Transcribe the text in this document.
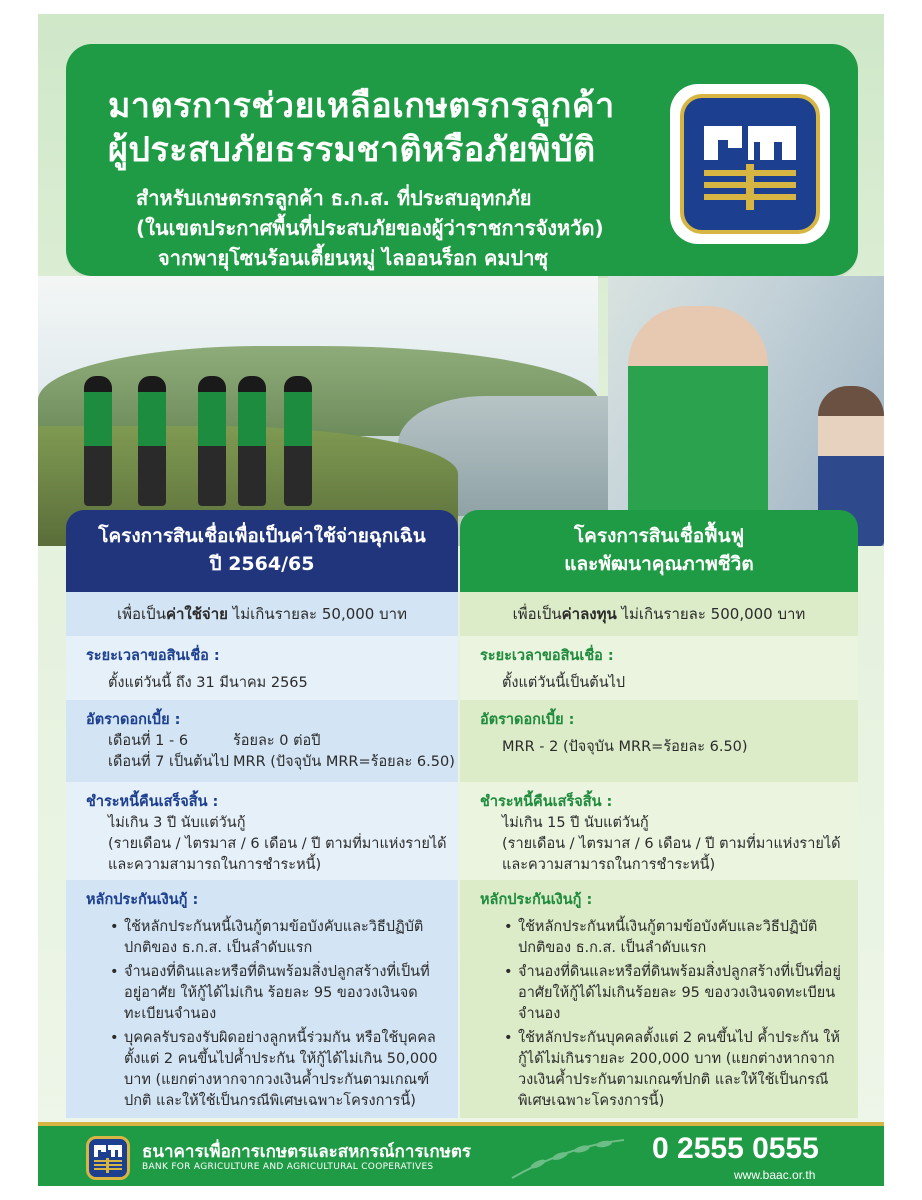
มาตรการช่วยเหลือเกษตรกรลูกค้า
ผู้ประสบภัยธรรมชาติหรือภัยพิบัติ
สำหรับเกษตรกรลูกค้า ธ.ก.ส. ที่ประสบอุทกภัย
(ในเขตประกาศพื้นที่ประสบภัยของผู้ว่าราชการจังหวัด)
จากพายุโซนร้อนเตี้ยนหมู่ ไลออนร็อก คมปาซุ
โครงการสินเชื่อเพื่อเป็นค่าใช้จ่ายฉุกเฉิน
ปี 2564/65
โครงการสินเชื่อฟื้นฟู
และพัฒนาคุณภาพชีวิต
เพื่อเป็นค่าใช้จ่าย ไม่เกินรายละ 50,000 บาท	เพื่อเป็นค่าลงทุน ไม่เกินรายละ 500,000 บาท
ระยะเวลาขอสินเชื่อ :
ตั้งแต่วันนี้ ถึง 31 มีนาคม 2565
ระยะเวลาขอสินเชื่อ :
ตั้งแต่วันนี้เป็นต้นไป
อัตราดอกเบี้ย :
เดือนที่ 1 - 6	ร้อยละ 0 ต่อปี
เดือนที่ 7 เป็นต้นไป MRR (ปัจจุบัน MRR=ร้อยละ 6.50)
อัตราดอกเบี้ย :
MRR - 2 (ปัจจุบัน MRR=ร้อยละ 6.50)
ชำระหนี้คืนเสร็จสิ้น :
ไม่เกิน 3 ปี นับแต่วันกู้
(รายเดือน / ไตรมาส / 6 เดือน / ปี ตามที่มาแห่งรายได้
และความสามารถในการชำระหนี้)
ชำระหนี้คืนเสร็จสิ้น :
ไม่เกิน 15 ปี นับแต่วันกู้
(รายเดือน / ไตรมาส / 6 เดือน / ปี ตามที่มาแห่งรายได้
และความสามารถในการชำระหนี้)
หลักประกันเงินกู้ :
• ใช้หลักประกันหนี้เงินกู้ตามข้อบังคับและวิธีปฏิบัติ ปกติของ ธ.ก.ส. เป็นลำดับแรก
• จำนองที่ดินและหรือที่ดินพร้อมสิ่งปลูกสร้างที่เป็นที่อยู่อาศัย ให้กู้ได้ไม่เกิน ร้อยละ 95 ของวงเงินจดทะเบียนจำนอง
• บุคคลรับรองรับผิดอย่างลูกหนี้ร่วมกัน หรือใช้บุคคลตั้งแต่ 2 คนขึ้นไปค้ำประกัน ให้กู้ได้ไม่เกิน 50,000 บาท (แยกต่างหากจากวงเงินค้ำประกันตามเกณฑ์ปกติ และให้ใช้เป็นกรณีพิเศษเฉพาะโครงการนี้)
หลักประกันเงินกู้ :
• ใช้หลักประกันหนี้เงินกู้ตามข้อบังคับและวิธีปฏิบัติ ปกติของ ธ.ก.ส. เป็นลำดับแรก
• จำนองที่ดินและหรือที่ดินพร้อมสิ่งปลูกสร้างที่เป็นที่อยู่อาศัยให้กู้ได้ไม่เกินร้อยละ 95 ของวงเงินจดทะเบียนจำนอง
• ใช้หลักประกันบุคคลตั้งแต่ 2 คนขึ้นไป ค้ำประกัน ให้กู้ได้ไม่เกินรายละ 200,000 บาท (แยกต่างหากจากวงเงินค้ำประกันตามเกณฑ์ปกติ และให้ใช้เป็นกรณีพิเศษเฉพาะโครงการนี้)
ธนาคารเพื่อการเกษตรและสหกรณ์การเกษตร
BANK FOR AGRICULTURE AND AGRICULTURAL COOPERATIVES
0 2555 0555
www.baac.or.th
